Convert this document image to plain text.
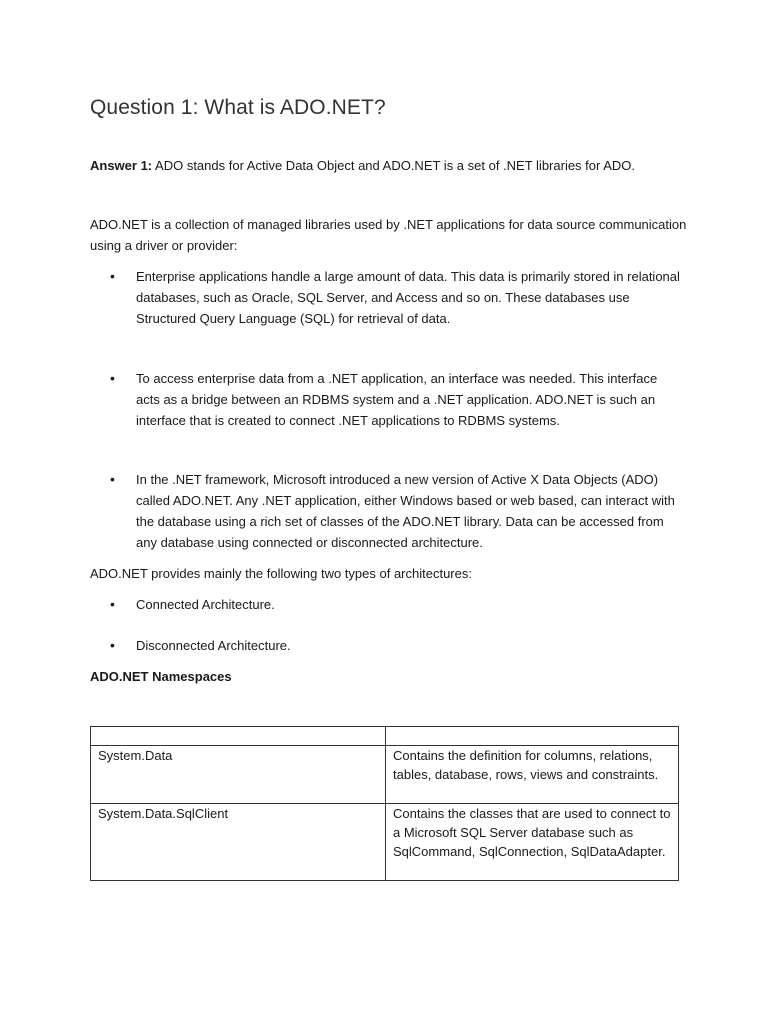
Question 1: What is ADO.NET?

Answer 1: ADO stands for Active Data Object and ADO.NET is a set of .NET libraries for ADO.

ADO.NET is a collection of managed libraries used by .NET applications for data source communication using a driver or provider:

• Enterprise applications handle a large amount of data. This data is primarily stored in relational databases, such as Oracle, SQL Server, and Access and so on. These databases use Structured Query Language (SQL) for retrieval of data.
• To access enterprise data from a .NET application, an interface was needed. This interface acts as a bridge between an RDBMS system and a .NET application. ADO.NET is such an interface that is created to connect .NET applications to RDBMS systems.
• In the .NET framework, Microsoft introduced a new version of Active X Data Objects (ADO) called ADO.NET. Any .NET application, either Windows based or web based, can interact with the database using a rich set of classes of the ADO.NET library. Data can be accessed from any database using connected or disconnected architecture.

ADO.NET provides mainly the following two types of architectures:

• Connected Architecture.
• Disconnected Architecture.

ADO.NET Namespaces

System.Data	Contains the definition for columns, relations, tables, database, rows, views and constraints.
System.Data.SqlClient	Contains the classes that are used to connect to a Microsoft SQL Server database such as SqlCommand, SqlConnection, SqlDataAdapter.
